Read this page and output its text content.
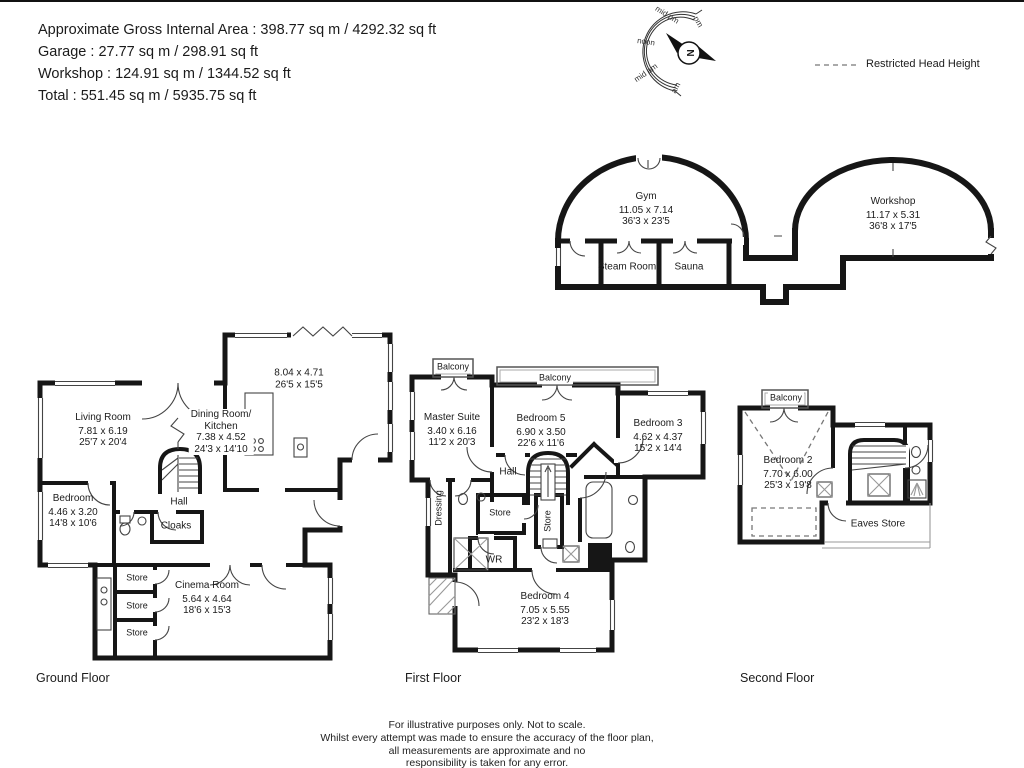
Approximate Gross Internal Area : 398.77 sq m / 4292.32 sq ft
Garage : 27.77 sq m / 298.91 sq ft
Workshop : 124.91 sq m / 1344.52 sq ft
Total : 551.45 sq m / 5935.75 sq ft
Restricted Head Height
pm
mid pm
noon
mid am
am
N
Gym
11.05 x 7.14
36'3 x 23'5
Workshop
11.17 x 5.31
36'8 x 17'5
Steam Room Sauna
Living Room
7.81 x 6.19
25'7 x 20'4
Dining Room/
Kitchen
7.38 x 4.52
24'3 x 14'10
8.04 x 4.71
26'5 x 15'5
Bedroom
4.46 x 3.20
14'8 x 10'6
Hall
Cloaks
Cinema Room
5.64 x 4.64
18'6 x 15'3
Store
Store
Store
Balcony
Balcony
Master Suite
3.40 x 6.16
11'2 x 20'3
Bedroom 5
6.90 x 3.50
22'6 x 11'6
Bedroom 3
4.62 x 4.37
15'2 x 14'4
Hall
Dressing	Store	Store
WR
Bedroom 4
7.05 x 5.55
23'2 x 18'3
Balcony
Bedroom 2
7.70 x 6.00
25'3 x 19'8
Eaves Store
Ground Floor	First Floor	Second Floor
For illustrative purposes only. Not to scale.
Whilst every attempt was made to ensure the accuracy of the floor plan,
all measurements are approximate and no
responsibility is taken for any error.
